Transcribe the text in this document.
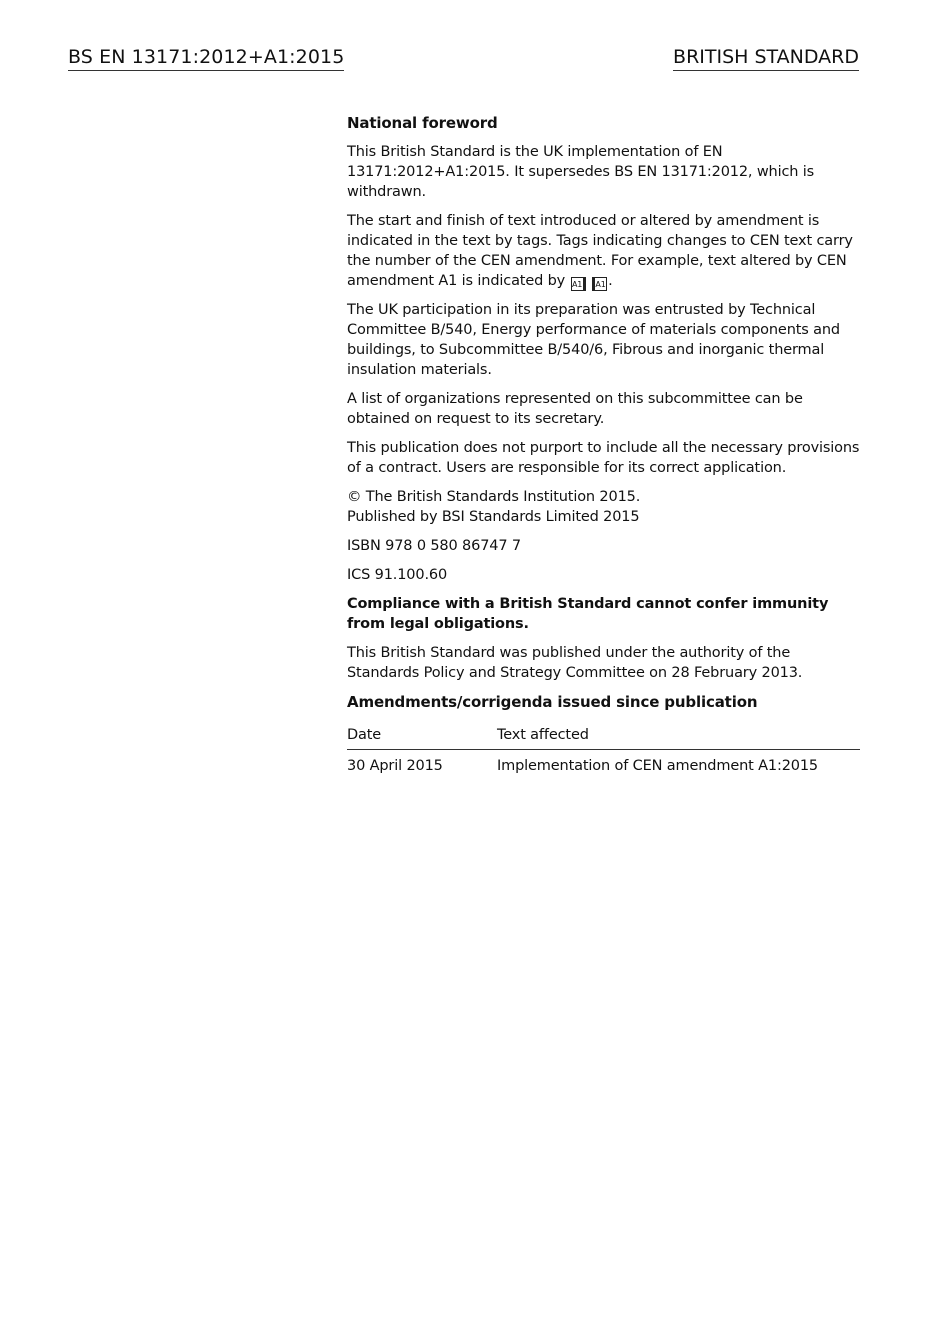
BS EN 13171:2012+A1:2015	BRITISH STANDARD
National foreword

This British Standard is the UK implementation of EN 13171:2012+A1:2015. It supersedes BS EN 13171:2012, which is withdrawn.

The start and finish of text introduced or altered by amendment is indicated in the text by tags. Tags indicating changes to CEN text carry the number of the CEN amendment. For example, text altered by CEN amendment A1 is indicated by A1 A1 .

The UK participation in its preparation was entrusted by Technical Committee B/540, Energy performance of materials components and buildings, to Subcommittee B/540/6, Fibrous and inorganic thermal insulation materials.

A list of organizations represented on this subcommittee can be obtained on request to its secretary.

This publication does not purport to include all the necessary provisions of a contract. Users are responsible for its correct application.

© The British Standards Institution 2015.
Published by BSI Standards Limited 2015

ISBN 978 0 580 86747 7

ICS 91.100.60

Compliance with a British Standard cannot confer immunity from legal obligations.

This British Standard was published under the authority of the Standards Policy and Strategy Committee on 28 February 2013.

Amendments/corrigenda issued since publication
Date	Text affected
30 April 2015	Implementation of CEN amendment A1:2015
